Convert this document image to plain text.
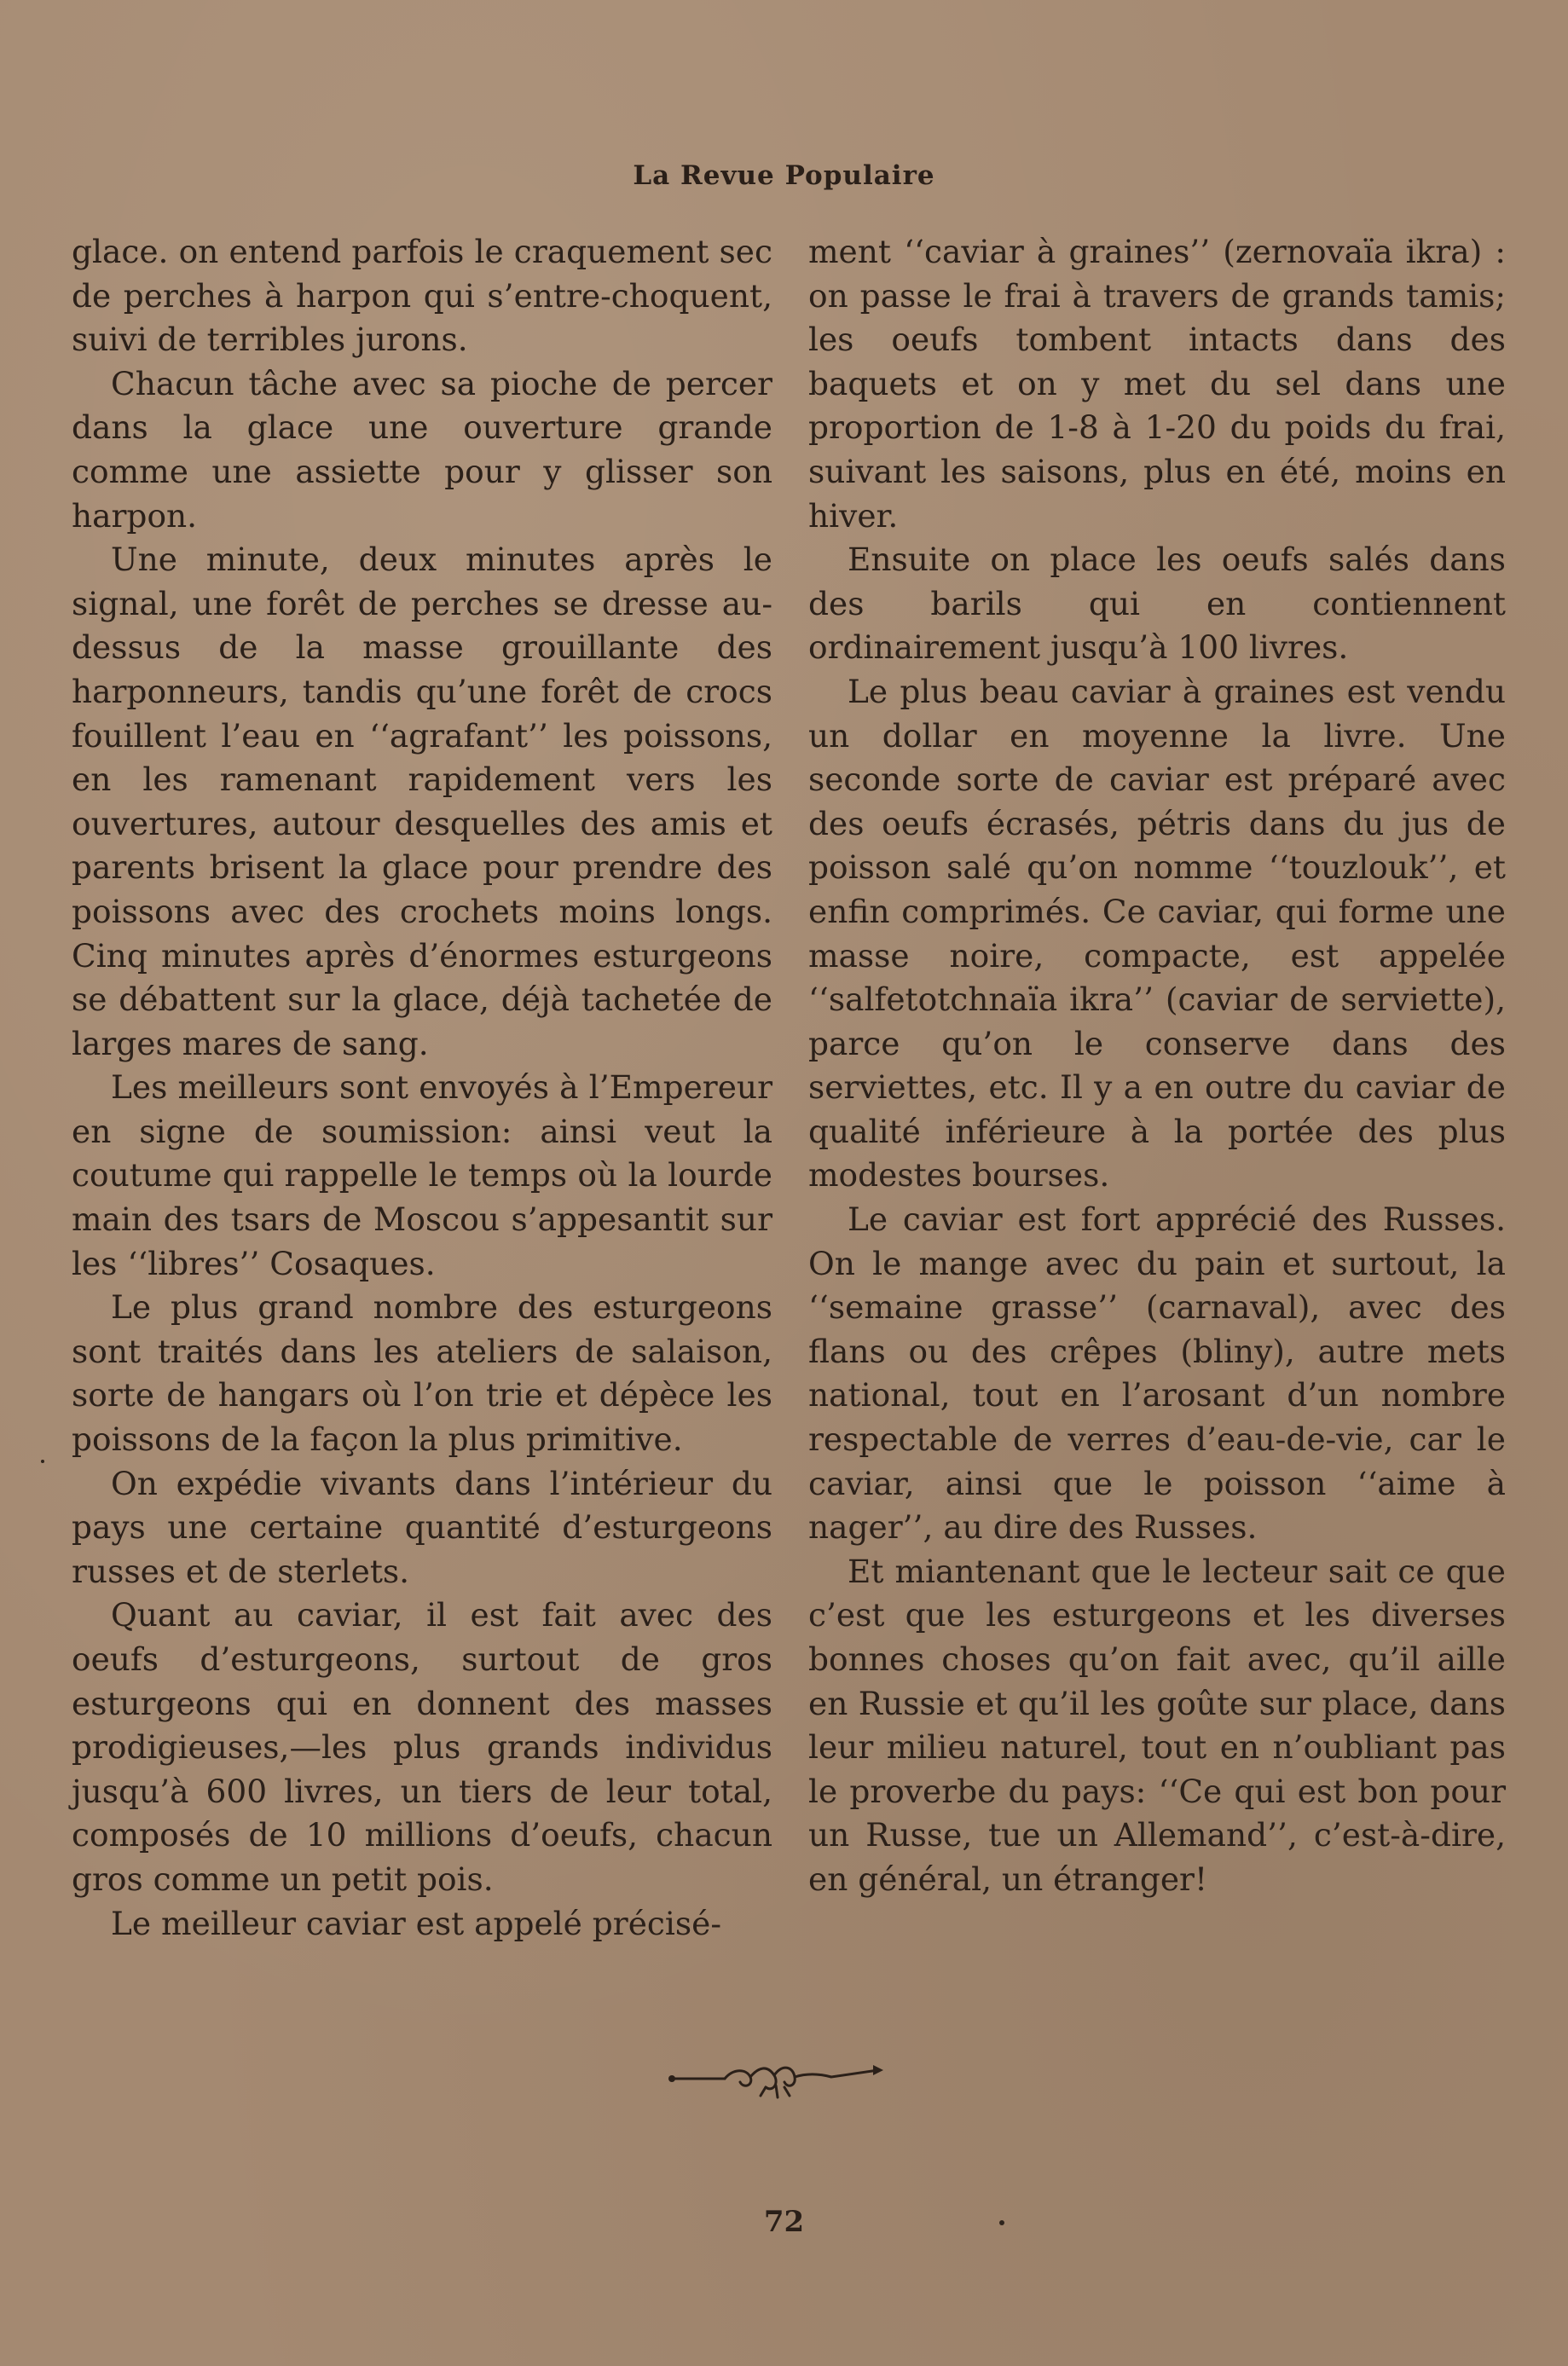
La Revue Populaire

glace. on entend parfois le craquement sec de perches à harpon qui s’entre-choquent, suivi de terribles jurons.

Chacun tâche avec sa pioche de percer dans la glace une ouverture grande comme une assiette pour y glisser son harpon.

Une minute, deux minutes après le signal, une forêt de perches se dresse au-dessus de la masse grouillante des harponneurs, tandis qu’une forêt de crocs fouillent l’eau en ‘‘agrafant’’ les poissons, en les ramenant rapidement vers les ouvertures, autour desquelles des amis et parents brisent la glace pour prendre des poissons avec des crochets moins longs. Cinq minutes après d’énormes esturgeons se débattent sur la glace, déjà tachetée de larges mares de sang.

Les meilleurs sont envoyés à l’Empereur en signe de soumission: ainsi veut la coutume qui rappelle le temps où la lourde main des tsars de Moscou s’appesantit sur les ‘‘libres’’ Cosaques.

Le plus grand nombre des esturgeons sont traités dans les ateliers de salaison, sorte de hangars où l’on trie et dépèce les poissons de la façon la plus primitive.

On expédie vivants dans l’intérieur du pays une certaine quantité d’esturgeons russes et de sterlets.

Quant au caviar, il est fait avec des oeufs d’esturgeons, surtout de gros esturgeons qui en donnent des masses prodigieuses,—les plus grands individus jusqu’à 600 livres, un tiers de leur total, composés de 10 millions d’oeufs, chacun gros comme un petit pois.

Le meilleur caviar est appelé précisé-

ment ‘‘caviar à graines’’ (zernovaïa ikra) : on passe le frai à travers de grands tamis; les oeufs tombent intacts dans des baquets et on y met du sel dans une proportion de 1-8 à 1-20 du poids du frai, suivant les saisons, plus en été, moins en hiver.

Ensuite on place les oeufs salés dans des barils qui en contiennent ordinairement jusqu’à 100 livres.

Le plus beau caviar à graines est vendu un dollar en moyenne la livre. Une seconde sorte de caviar est préparé avec des oeufs écrasés, pétris dans du jus de poisson salé qu’on nomme ‘‘touzlouk’’, et enfin comprimés. Ce caviar, qui forme une masse noire, compacte, est appelée ‘‘salfetotchnaïa ikra’’ (caviar de serviette), parce qu’on le conserve dans des serviettes, etc. Il y a en outre du caviar de qualité inférieure à la portée des plus modestes bourses.

Le caviar est fort apprécié des Russes. On le mange avec du pain et surtout, la ‘‘semaine grasse’’ (carnaval), avec des flans ou des crêpes (bliny), autre mets national, tout en l’arosant d’un nombre respectable de verres d’eau-de-vie, car le caviar, ainsi que le poisson ‘‘aime à nager’’, au dire des Russes.

Et miantenant que le lecteur sait ce que c’est que les esturgeons et les diverses bonnes choses qu’on fait avec, qu’il aille en Russie et qu’il les goûte sur place, dans leur milieu naturel, tout en n’oubliant pas le proverbe du pays: ‘‘Ce qui est bon pour un Russe, tue un Allemand’’, c’est-à-dire, en général, un étranger!

72
